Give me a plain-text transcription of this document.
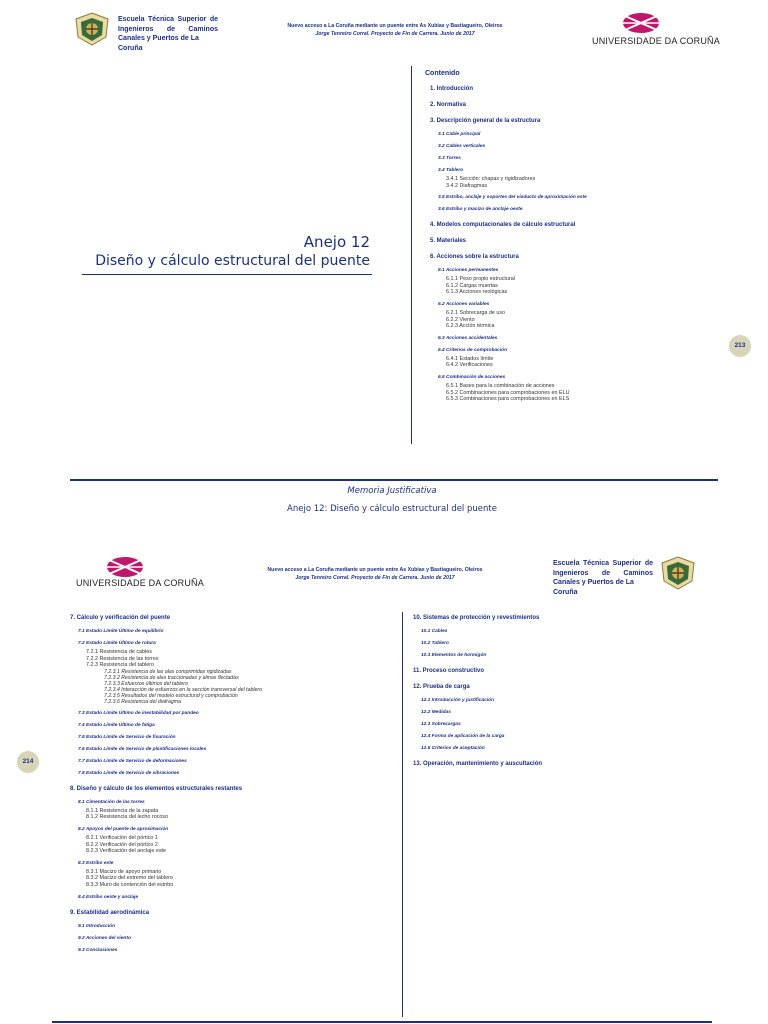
Escuela Técnica Superior de
Ingenieros de Caminos
Canales y Puertos de La Coruña
Nuevo acceso a La Coruña mediante un puente entre As Xubias y Bastiagueiro, Oleiros
Jorge Tenreiro Corral. Proyecto de Fin de Carrera. Junio de 2017
UNIVERSIDADE DA CORUÑA
Anejo 12
Diseño y cálculo estructural del puente
Contenido
1. Introducción
2. Normativa
3. Descripción general de la estructura
3.1 Cable principal
3.2 Cables verticales
3.3 Torres
3.4 Tablero
3.4.1 Sección: chapas y rigidizadores
3.4.2 Diafragmas
3.5 Estribo, anclaje y soportes del viaducto de aproximación este
3.6 Estribo y macizo de anclaje oeste
4. Modelos computacionales de cálculo estructural
5. Materiales
6. Acciones sobre la estructura
6.1 Acciones permanentes
6.1.1 Peso propio estructural
6.1.2 Cargas muertas
6.1.3 Acciones reológicas
6.2 Acciones variables
6.2.1 Sobrecarga de uso
6.2.2 Viento
6.2.3 Acción térmica
6.3 Acciones accidentales
6.4 Criterios de comprobación
6.4.1 Estados límite
6.4.2 Verificaciones
6.5 Combinación de acciones
6.5.1 Bases para la combinación de acciones
6.5.2 Combinaciones para comprobaciones en ELU
6.5.3 Combinaciones para comprobaciones en ELS
213
Memoria Justificativa
Anejo 12: Diseño y cálculo estructural del puente
UNIVERSIDADE DA CORUÑA
Nuevo acceso a La Coruña mediante un puente entre As Xubias y Bastiagueiro, Oleiros
Jorge Tenreiro Corral. Proyecto de Fin de Carrera. Junio de 2017
Escuela Técnica Superior de
Ingenieros de Caminos
Canales y Puertos de La Coruña
214
7. Cálculo y verificación del puente
7.1 Estado Límite Último de equilibrio
7.2 Estado Límite Último de rotura
7.2.1 Resistencia de cables
7.2.2 Resistencia de las torres
7.2.3 Resistencia del tablero
7.2.3.1 Resistencia de las alas comprimidas rigidizadas
7.2.3.2 Resistencia de alas traccionadas y almas flectadas
7.2.3.3 Esfuerzos últimos del tablero
7.2.3.4 Interacción de esfuerzos en la sección transversal del tablero
7.2.3.5 Resultados del modelo estructural y comprobación
7.2.3.6 Resistencia del diafragma
7.3 Estado Límite Último de inestabilidad por pandeo
7.4 Estado Límite Último de fatiga
7.5 Estado Límite de Servicio de fisuración
7.6 Estado Límite de Servicio de plastificaciones locales
7.7 Estado Límite de Servicio de deformaciones
7.8 Estado Límite de Servicio de vibraciones
8. Diseño y cálculo de los elementos estructurales restantes
8.1 Cimentación de las torres
8.1.1 Resistencia de la zapata
8.1.2 Resistencia del lecho rocoso
8.2 Apoyos del puente de aproximación
8.2.1 Verificación del pórtico 1
8.2.2 Verificación del pórtico 2
8.2.3 Verificación del anclaje este
8.3 Estribo este
8.3.1 Macizo de apoyo primario
8.3.2 Macizo del extremo del tablero
8.3.3 Muro de contención del estribo
8.4 Estribo oeste y anclaje
9. Estabilidad aerodinámica
9.1 Introducción
9.2 Acciones del viento
9.3 Conclusiones
10. Sistemas de protección y revestimientos
10.1 Cables
10.2 Tablero
10.3 Elementos de hormigón
11. Proceso constructivo
12. Prueba de carga
12.1 Introducción y justificación
12.2 Medidas
12.3 Sobrecargas
12.4 Forma de aplicación de la carga
12.5 Criterios de aceptación
13. Operación, mantenimiento y auscultación
